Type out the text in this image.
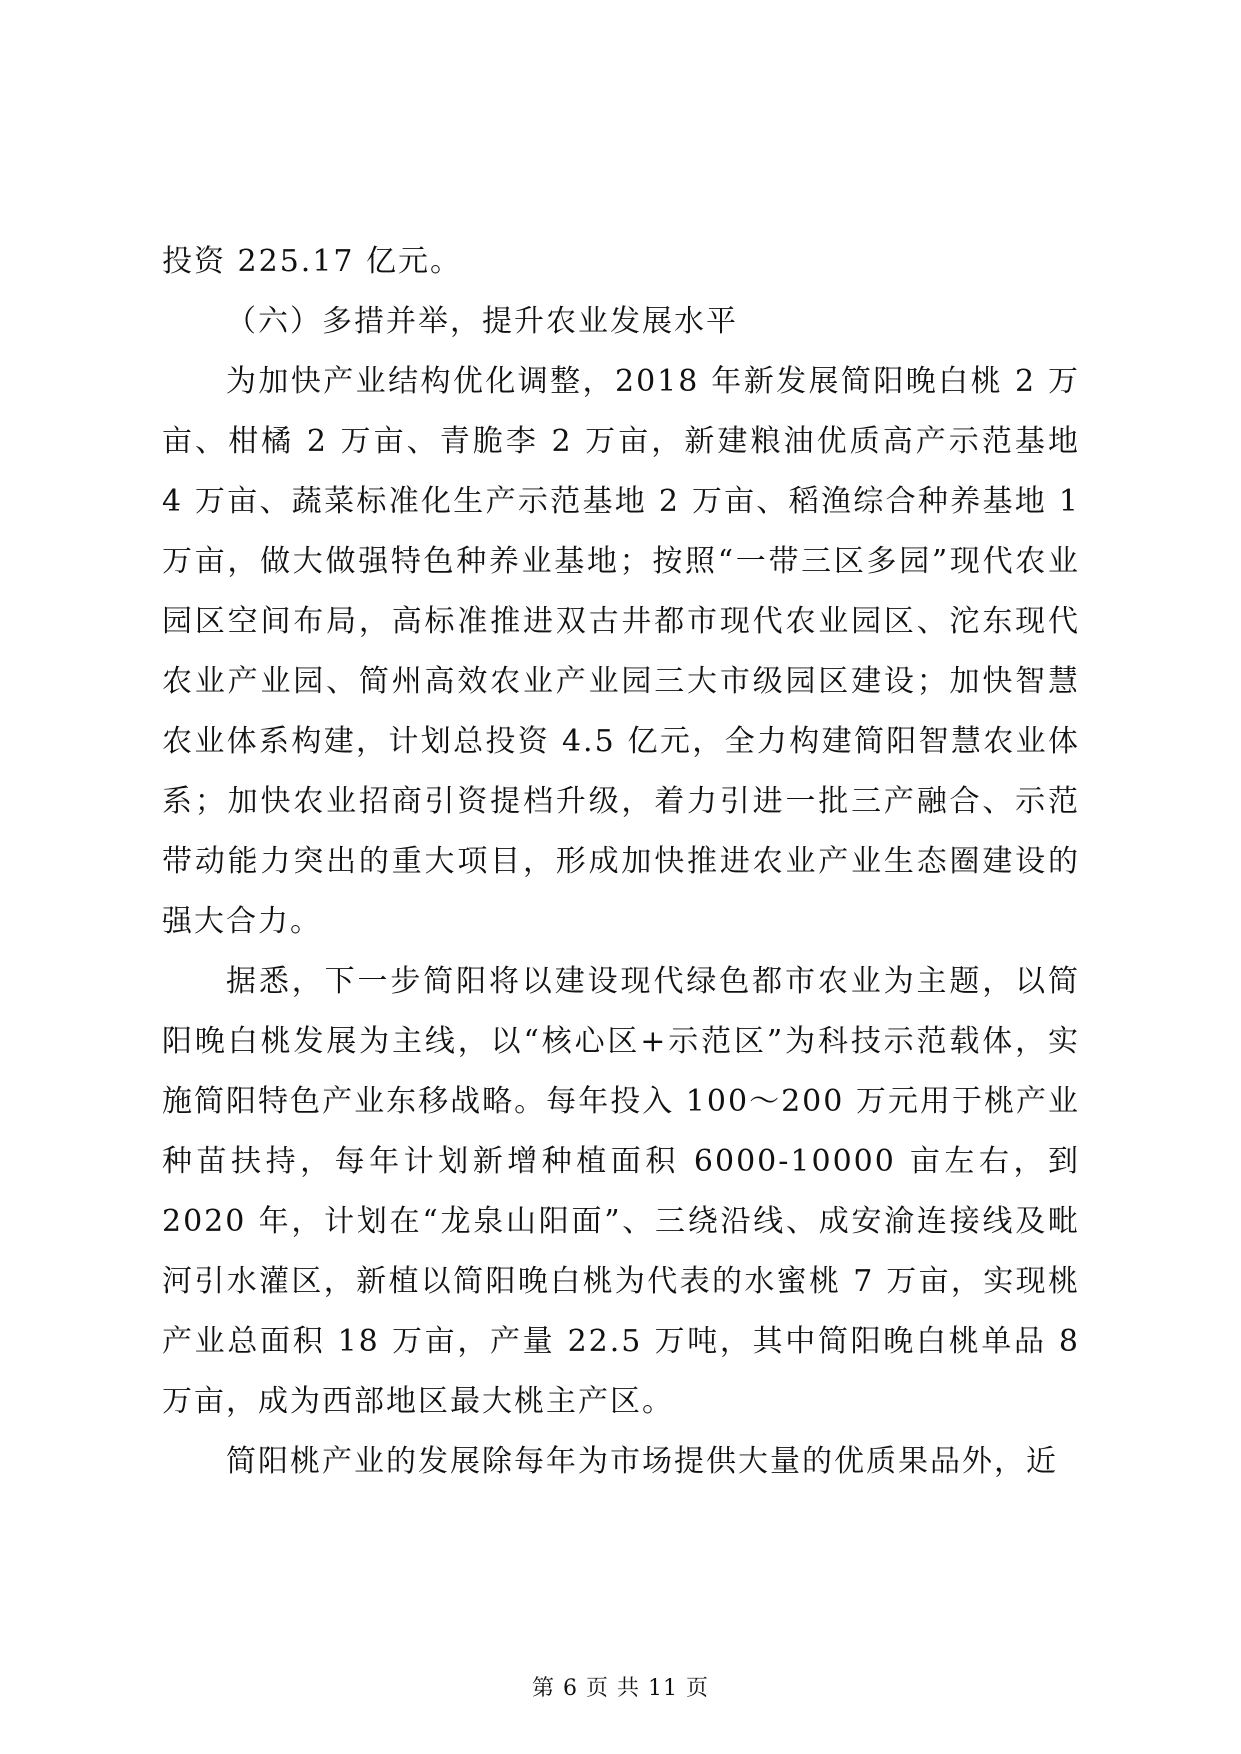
投资 225.17 亿元。

（六）多措并举，提升农业发展水平

为加快产业结构优化调整，2018 年新发展简阳晚白桃 2 万亩、柑橘 2 万亩、青脆李 2 万亩，新建粮油优质高产示范基地 4 万亩、蔬菜标准化生产示范基地 2 万亩、稻渔综合种养基地 1 万亩，做大做强特色种养业基地；按照“一带三区多园”现代农业园区空间布局，高标准推进双古井都市现代农业园区、沱东现代农业产业园、简州高效农业产业园三大市级园区建设；加快智慧农业体系构建，计划总投资 4.5 亿元，全力构建简阳智慧农业体系；加快农业招商引资提档升级，着力引进一批三产融合、示范带动能力突出的重大项目，形成加快推进农业产业生态圈建设的强大合力。

据悉，下一步简阳将以建设现代绿色都市农业为主题，以简阳晚白桃发展为主线，以“核心区+示范区”为科技示范载体，实施简阳特色产业东移战略。每年投入 100～200 万元用于桃产业种苗扶持，每年计划新增种植面积 6000-10000 亩左右，到 2020 年，计划在“龙泉山阳面”、三绕沿线、成安渝连接线及毗河引水灌区，新植以简阳晚白桃为代表的水蜜桃 7 万亩，实现桃产业总面积 18 万亩，产量 22.5 万吨，其中简阳晚白桃单品 8 万亩，成为西部地区最大桃主产区。

简阳桃产业的发展除每年为市场提供大量的优质果品外，近

第 6 页 共 11 页
